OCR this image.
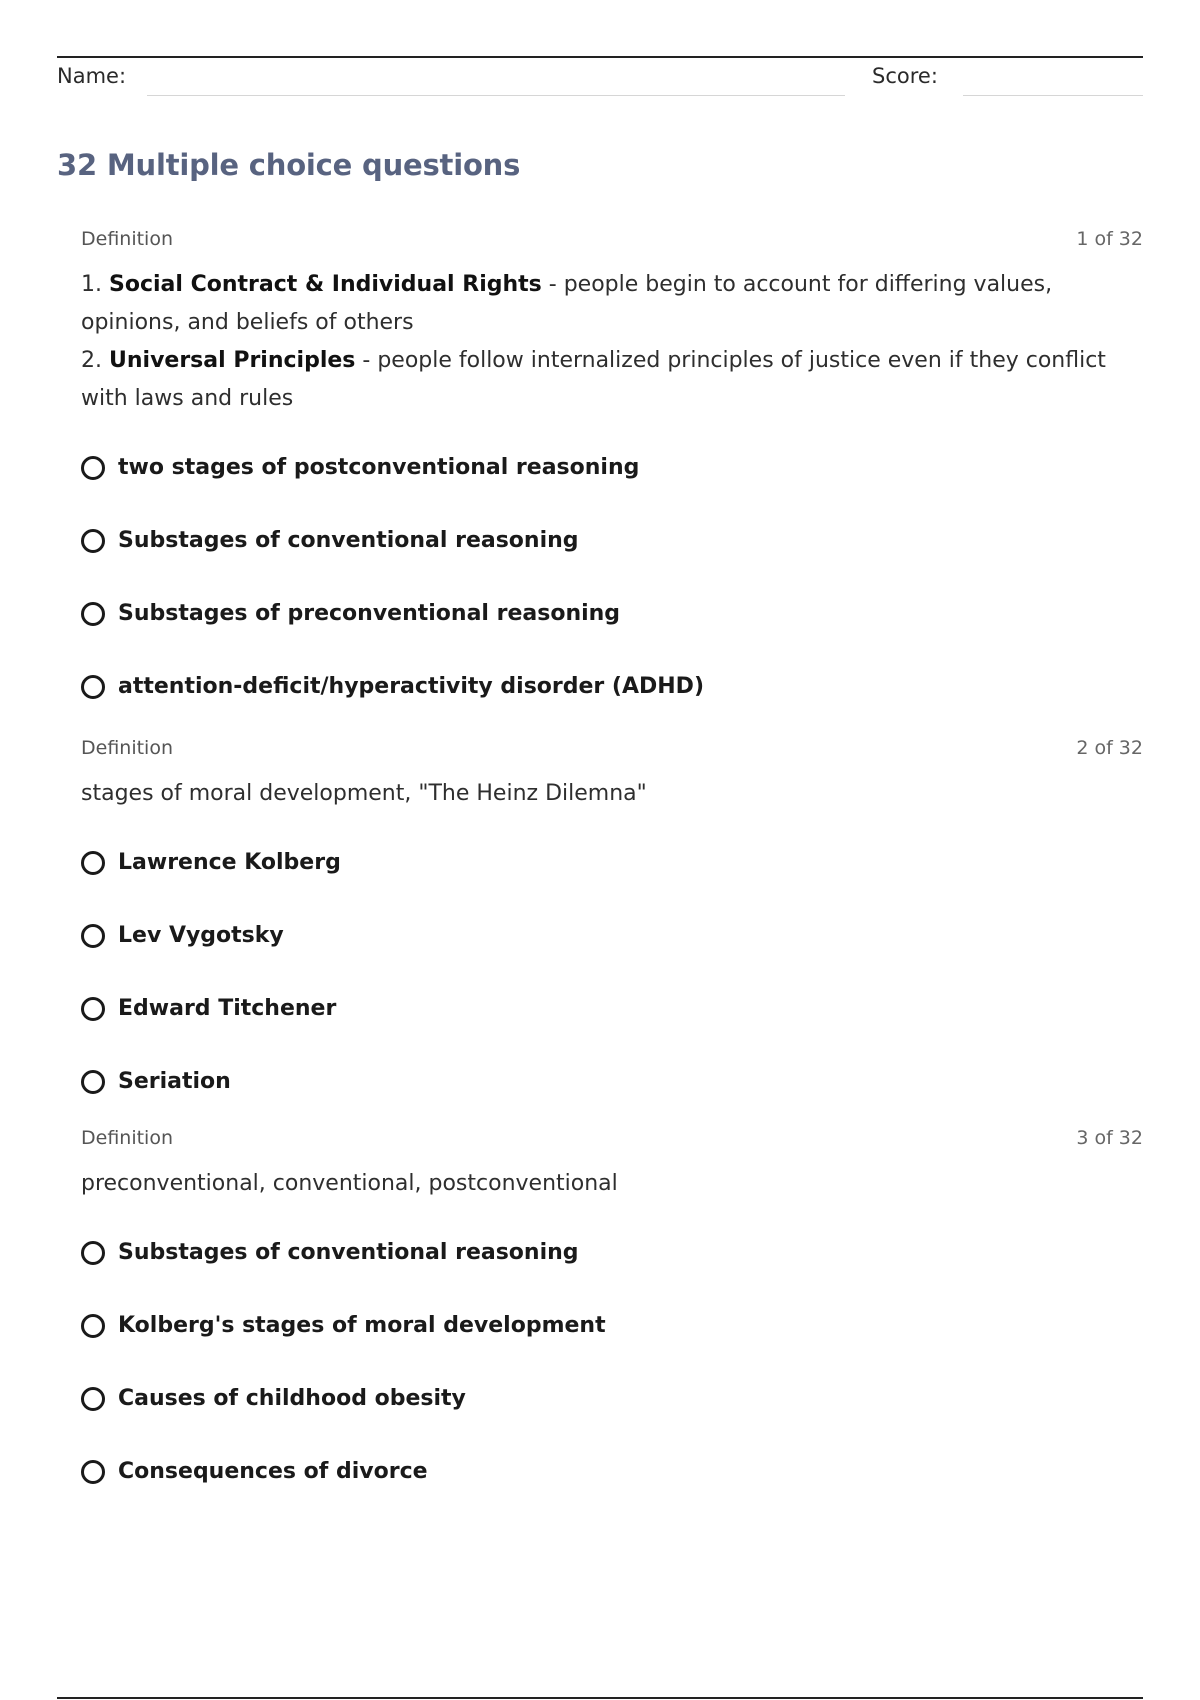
Name:	Score:
32 Multiple choice questions
Definition	1 of 32
1. Social Contract & Individual Rights - people begin to account for differing values, opinions, and beliefs of others
2. Universal Principles - people follow internalized principles of justice even if they conflict with laws and rules
two stages of postconventional reasoning
Substages of conventional reasoning
Substages of preconventional reasoning
attention-deficit/hyperactivity disorder (ADHD)
Definition	2 of 32
stages of moral development, "The Heinz Dilemna"
Lawrence Kolberg
Lev Vygotsky
Edward Titchener
Seriation
Definition	3 of 32
preconventional, conventional, postconventional
Substages of conventional reasoning
Kolberg's stages of moral development
Causes of childhood obesity
Consequences of divorce
